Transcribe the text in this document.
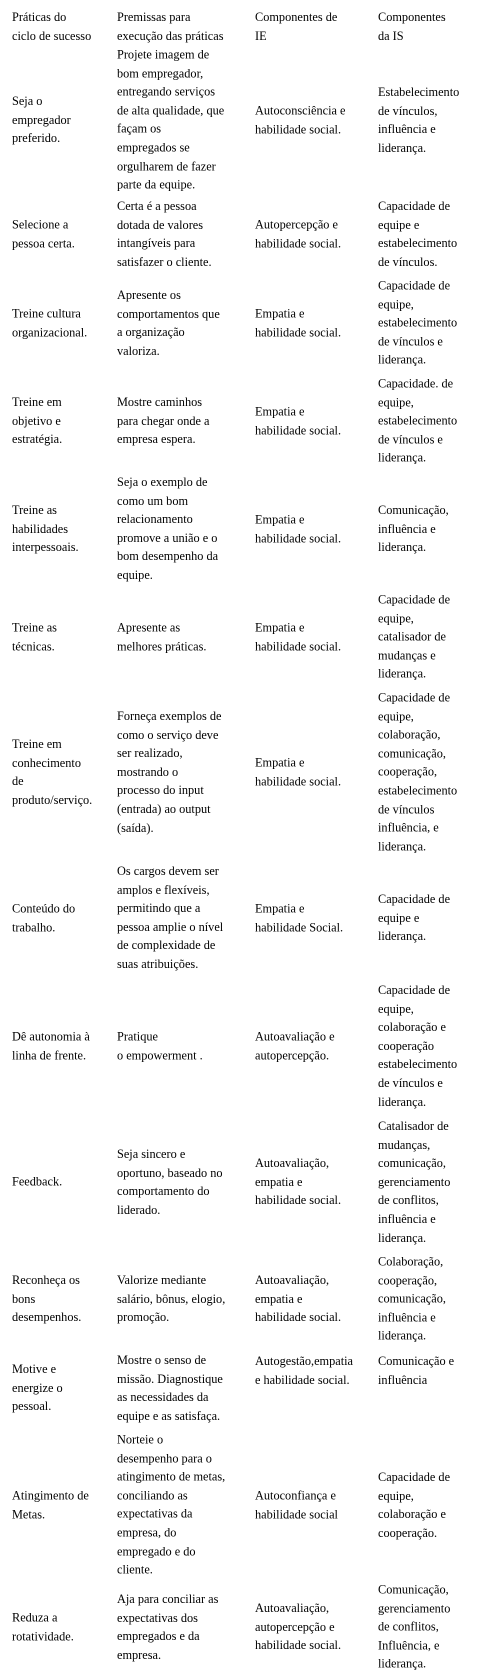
Práticas do
ciclo de sucesso
Premissas para
execução das práticas
Componentes de
IE
Componentes
da IS
Seja o
empregador
preferido.
Projete imagem de
bom empregador,
entregando serviços
de alta qualidade, que
façam os
empregados se
orgulharem de fazer
parte da equipe.
Autoconsciência e
habilidade social.
Estabelecimento
de vínculos,
influência e
liderança.
Selecione a
pessoa certa.
Certa é a pessoa
dotada de valores
intangíveis para
satisfazer o cliente.
Autopercepção e
habilidade social.
Capacidade de
equipe e
estabelecimento
de vínculos.
Treine cultura
organizacional.
Apresente os
comportamentos que
a organização
valoriza.
Empatia e
habilidade social.
Capacidade de
equipe,
estabelecimento
de vínculos e
liderança.
Treine em
objetivo e
estratégia.
Mostre caminhos
para chegar onde a
empresa espera.
Empatia e
habilidade social.
Capacidade. de
equipe,
estabelecimento
de vínculos e
liderança.
Treine as
habilidades
interpessoais.
Seja o exemplo de
como um bom
relacionamento
promove a união e o
bom desempenho da
equipe.
Empatia e
habilidade social.
Comunicação,
influência e
liderança.
Treine as
técnicas.
Apresente as
melhores práticas.
Empatia e
habilidade social.
Capacidade de
equipe,
catalisador de
mudanças e
liderança.
Treine em
conhecimento
de
produto/serviço.
Forneça exemplos de
como o serviço deve
ser realizado,
mostrando o
processo do input
(entrada) ao output
(saída).
Empatia e
habilidade social.
Capacidade de
equipe,
colaboração,
comunicação,
cooperação,
estabelecimento
de vínculos
influência, e
liderança.
Conteúdo do
trabalho.
Os cargos devem ser
amplos e flexíveis,
permitindo que a
pessoa amplie o nível
de complexidade de
suas atribuições.
Empatia e
habilidade Social.
Capacidade de
equipe e
liderança.
Dê autonomia à
linha de frente.
Pratique
o empowerment .
Autoavaliação e
autopercepção.
Capacidade de
equipe,
colaboração e
cooperação
estabelecimento
de vínculos e
liderança.
Feedback.
Seja sincero e
oportuno, baseado no
comportamento do
liderado.
Autoavaliação,
empatia e
habilidade social.
Catalisador de
mudanças,
comunicação,
gerenciamento
de conflitos,
influência e
liderança.
Reconheça os
bons
desempenhos.
Valorize mediante
salário, bônus, elogio,
promoção.
Autoavaliação,
empatia e
habilidade social.
Colaboração,
cooperação,
comunicação,
influência e
liderança.
Motive e
energize o
pessoal.
Mostre o senso de
missão. Diagnostique
as necessidades da
equipe e as satisfaça.
Autogestão,empatia
e habilidade social.
Comunicação e
influência
Atingimento de
Metas.
Norteie o
desempenho para o
atingimento de metas,
conciliando as
expectativas da
empresa, do
empregado e do
cliente.
Autoconfiança e
habilidade social
Capacidade de
equipe,
colaboração e
cooperação.
Reduza a
rotatividade.
Aja para conciliar as
expectativas dos
empregados e da
empresa.
Autoavaliação,
autopercepção e
habilidade social.
Comunicação,
gerenciamento
de conflitos,
Influência, e
liderança.
